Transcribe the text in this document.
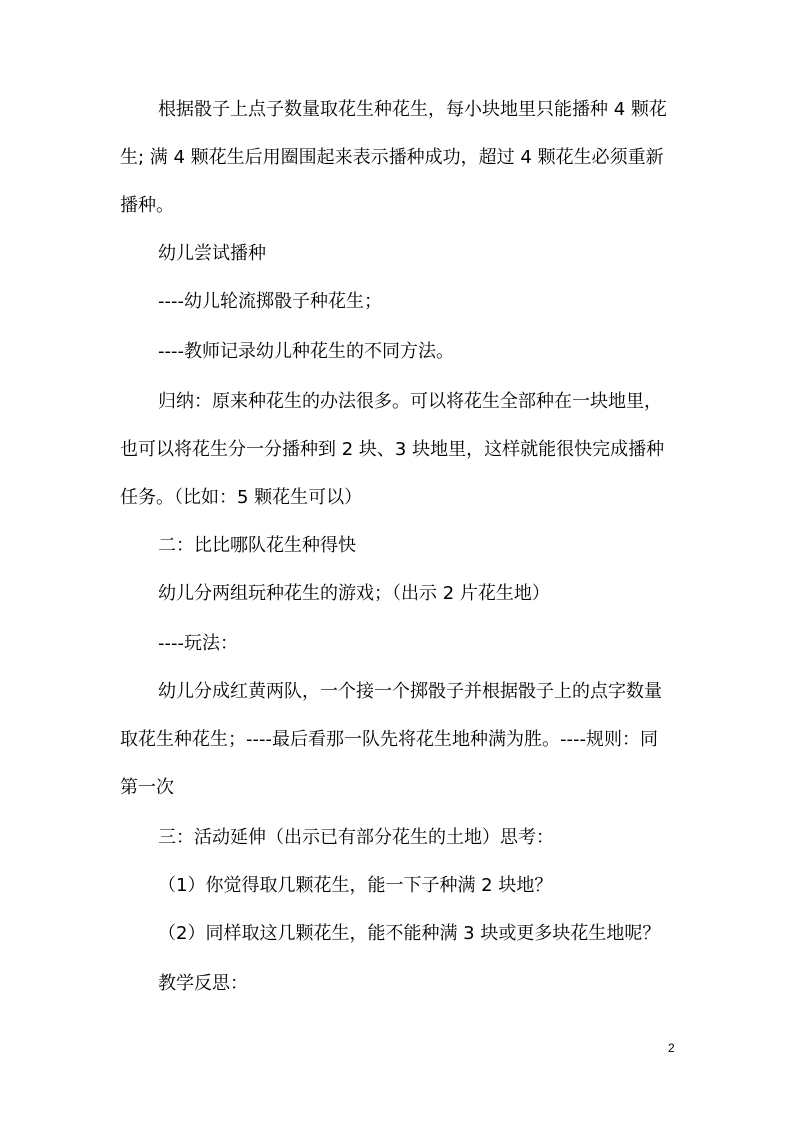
根据骰子上点子数量取花生种花生，每小块地里只能播种 4 颗花
生; 满 4 颗花生后用圈围起来表示播种成功，超过 4 颗花生必须重新
播种。
幼儿尝试播种
----幼儿轮流掷骰子种花生；
----教师记录幼儿种花生的不同方法。
归纳：原来种花生的办法很多。可以将花生全部种在一块地里，
也可以将花生分一分播种到 2 块、3 块地里，这样就能很快完成播种
任务。（比如：5 颗花生可以）
二：比比哪队花生种得快
幼儿分两组玩种花生的游戏；（出示 2 片花生地）
----玩法：
幼儿分成红黄两队，一个接一个掷骰子并根据骰子上的点字数量
取花生种花生；----最后看那一队先将花生地种满为胜。----规则：同
第一次
三：活动延伸（出示已有部分花生的土地）思考：
（1）你觉得取几颗花生，能一下子种满 2 块地？
（2）同样取这几颗花生，能不能种满 3 块或更多块花生地呢？
教学反思：
2
